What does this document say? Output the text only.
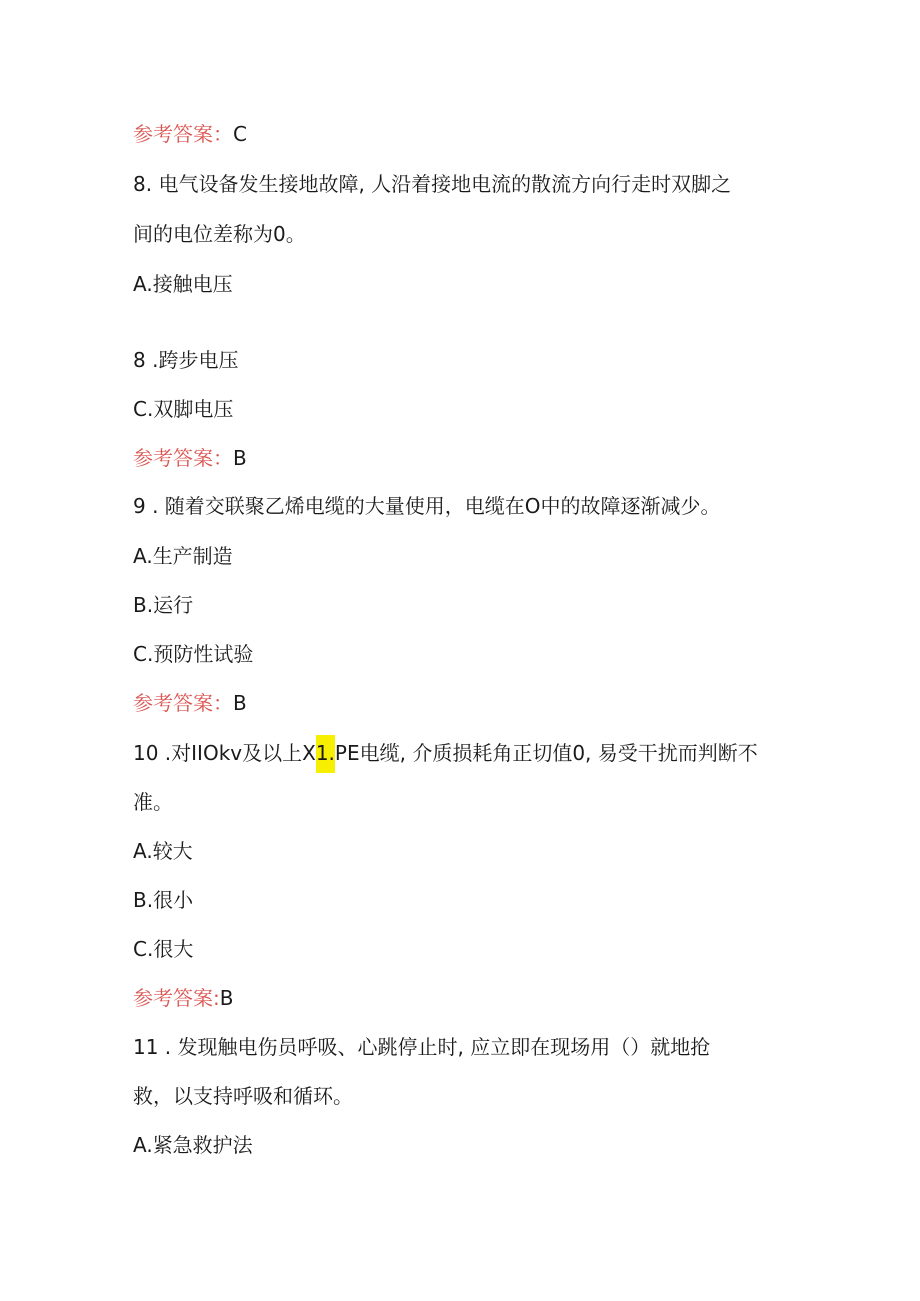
参考答案：C
8. 电气设备发生接地故障, 人沿着接地电流的散流方向行走时双脚之
间的电位差称为0。
A.接触电压
8 .跨步电压
C.双脚电压
参考答案：B
9 . 随着交联聚乙烯电缆的大量使用，电缆在O中的故障逐渐减少。
A.生产制造
B.运行
C.预防性试验
参考答案：B
10 .对IIOkv及以上X1.PE电缆, 介质损耗角正切值0, 易受干扰而判断不
准。
A.较大
B.很小
C.很大
参考答案:B
11 . 发现触电伤员呼吸、心跳停止时, 应立即在现场用（）就地抢
救，以支持呼吸和循环。
A.紧急救护法
